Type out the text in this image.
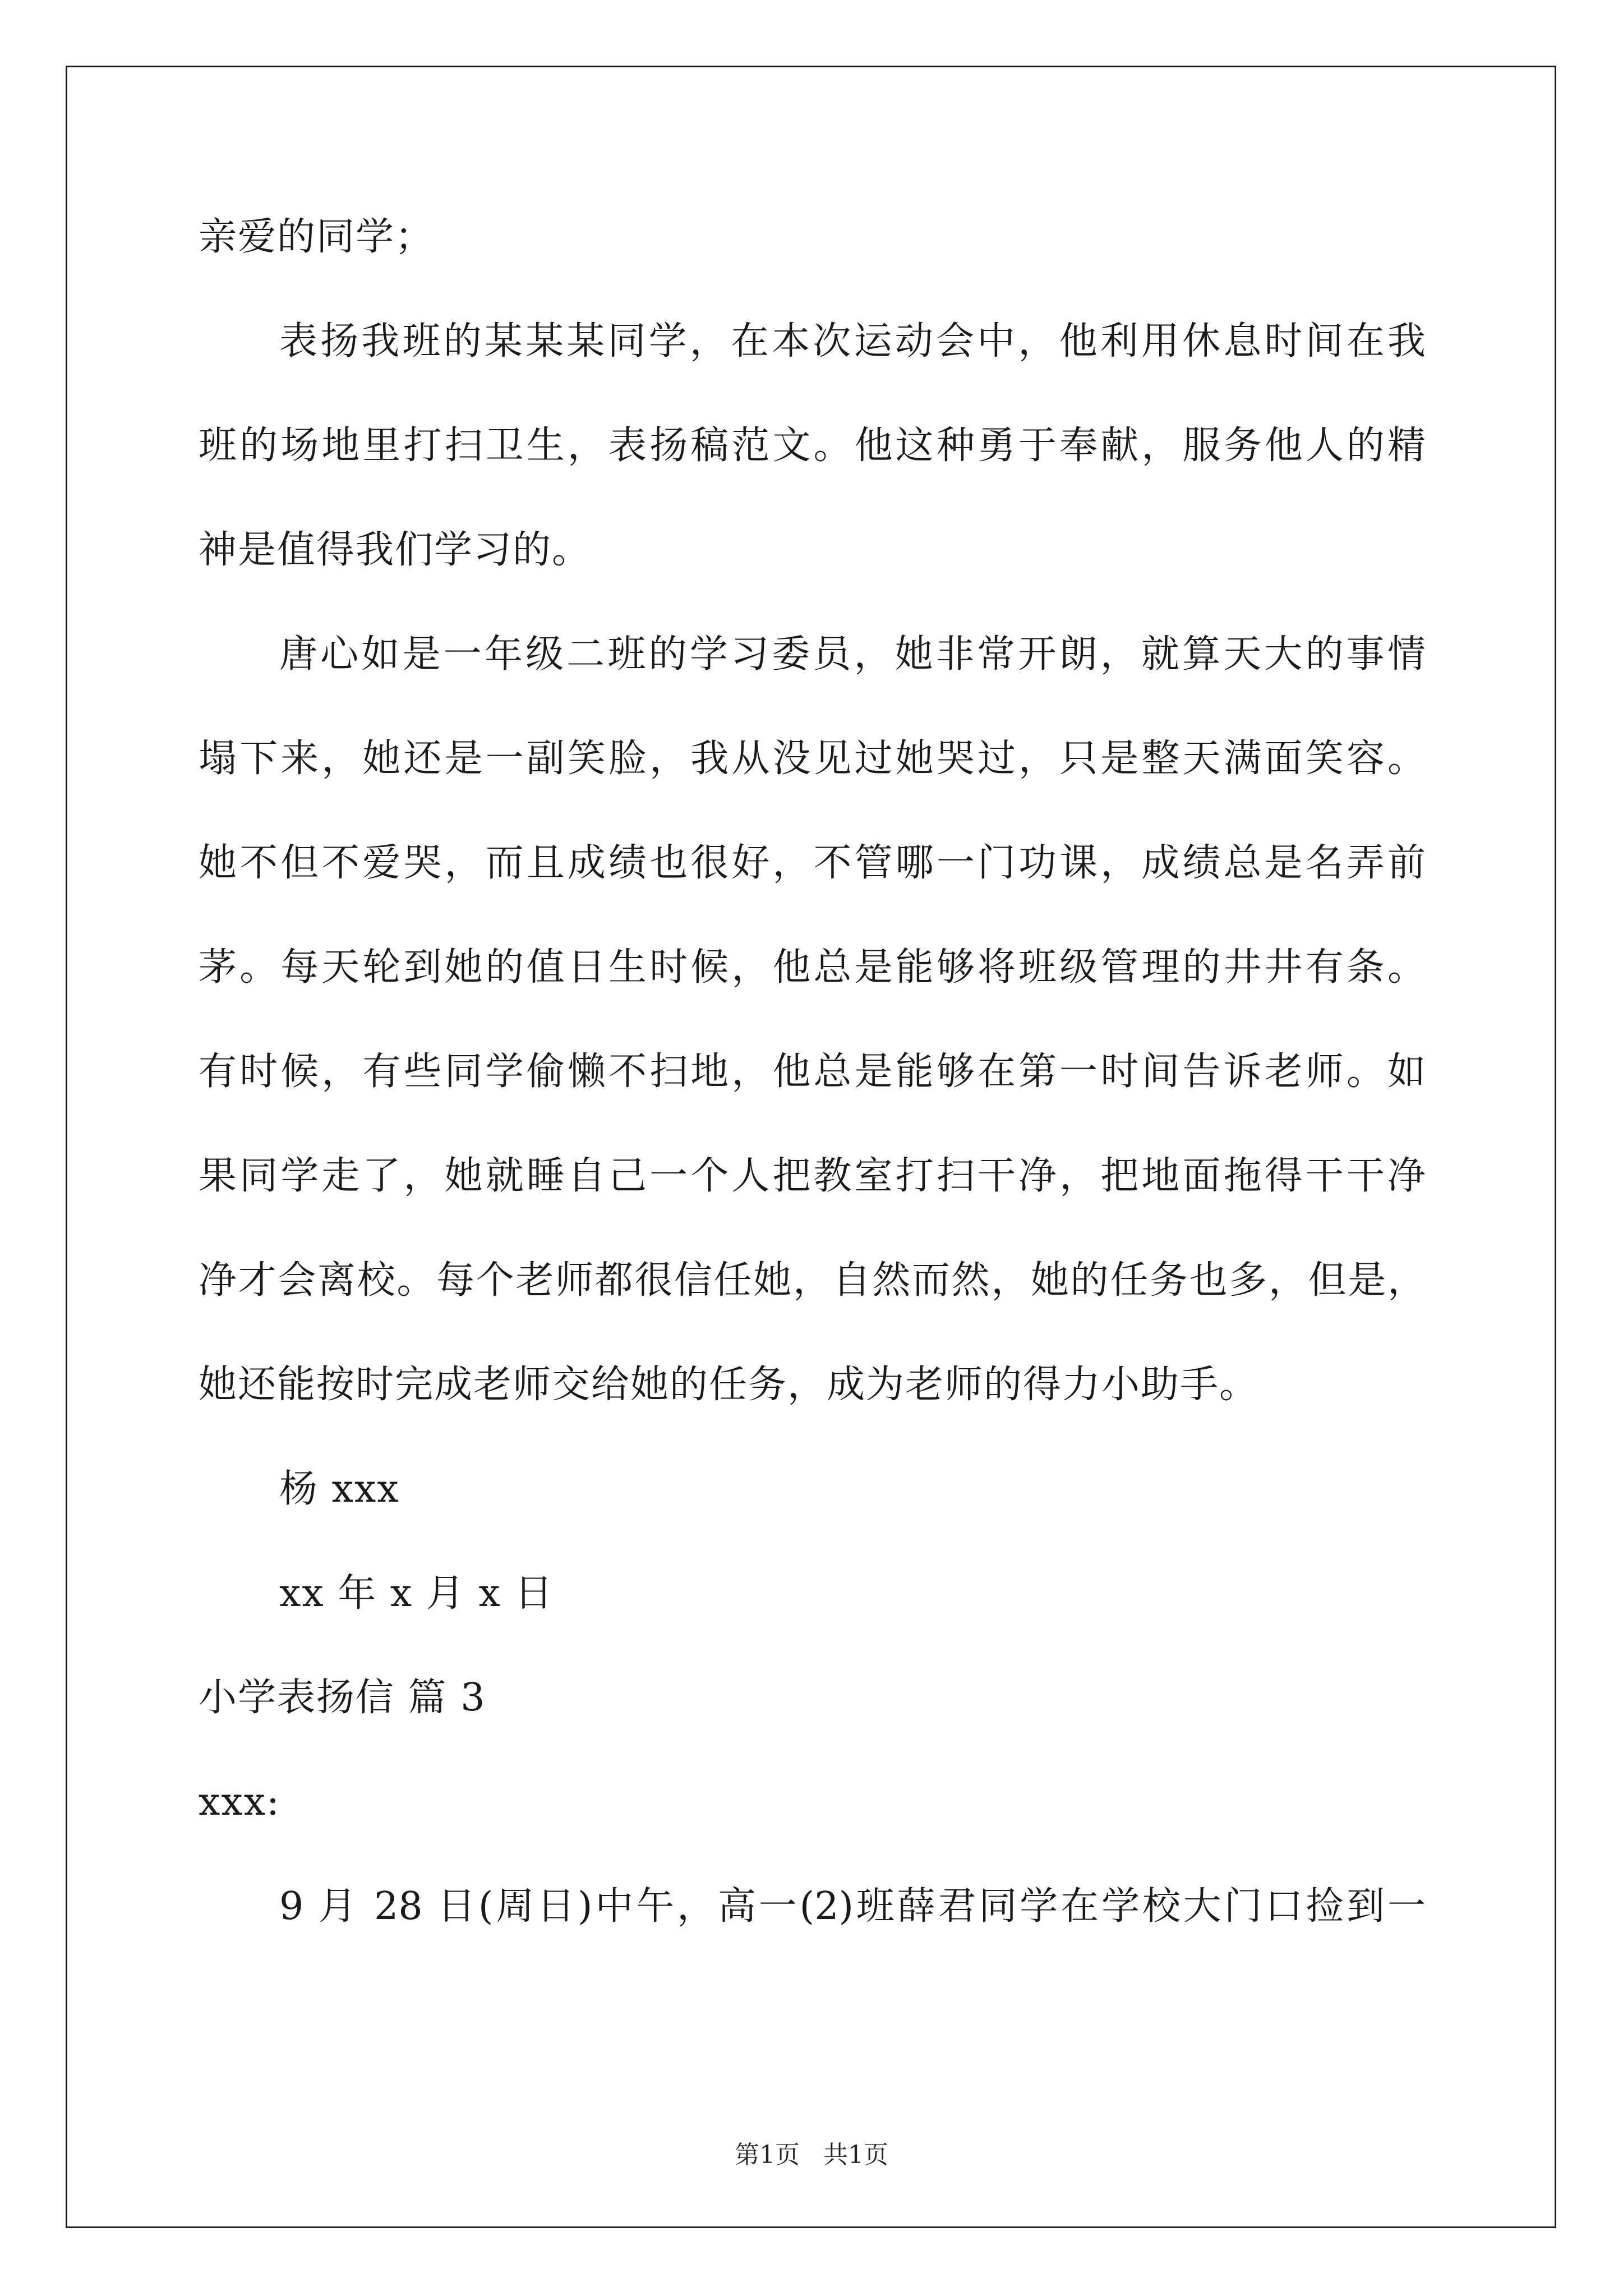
亲爱的同学；
表扬我班的某某某同学，在本次运动会中，他利用休息时间在我
班的场地里打扫卫生，表扬稿范文。他这种勇于奉献，服务他人的精
神是值得我们学习的。
唐心如是一年级二班的学习委员，她非常开朗，就算天大的事情
塌下来，她还是一副笑脸，我从没见过她哭过，只是整天满面笑容。
她不但不爱哭，而且成绩也很好，不管哪一门功课，成绩总是名弄前
茅。每天轮到她的值日生时候，他总是能够将班级管理的井井有条。
有时候，有些同学偷懒不扫地，他总是能够在第一时间告诉老师。如
果同学走了，她就睡自己一个人把教室打扫干净，把地面拖得干干净
净才会离校。每个老师都很信任她，自然而然，她的任务也多，但是，
她还能按时完成老师交给她的任务，成为老师的得力小助手。
杨 xxx
xx 年 x 月 x 日
小学表扬信 篇 3
xxx:
9 月 28 日(周日)中午，高一(2)班薛君同学在学校大门口捡到一
第1页 共1页
